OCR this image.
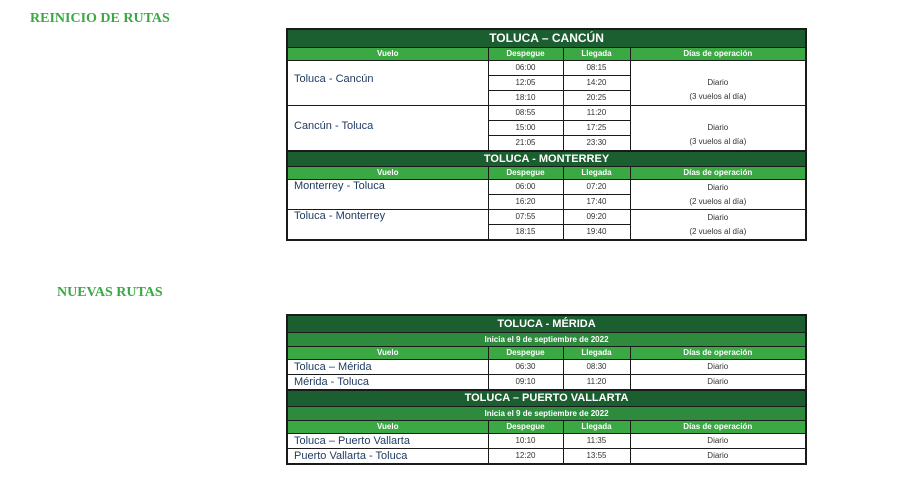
REINICIO DE RUTAS
TOLUCA – CANCÚN			
Vuelo	Despegue	Llegada	Días de operación
Toluca - Cancún	06:00	08:15	Diario
(3 vuelos al día)

	12:05	14:20	
	18:10	20:25	
Cancún - Toluca	08:55	11:20	Diario
(3 vuelos al día)

	15:00	17:25	
	21:05	23:30	
TOLUCA - MONTERREY			
Vuelo	Despegue	Llegada	Días de operación
Monterrey - Toluca	06:00	07:20	Diario
(2 vuelos al día)

	16:20	17:40	
Toluca - Monterrey	07:55	09:20	Diario
(2 vuelos al día)

	18:15	19:40	
NUEVAS RUTAS
TOLUCA - MÉRIDA			
Inicia el 9 de septiembre de 2022			
Vuelo	Despegue	Llegada	Días de operación
Toluca – Mérida	06:30	08:30	Diario
Mérida - Toluca	09:10	11:20	Diario
TOLUCA – PUERTO VALLARTA			
Inicia el 9 de septiembre de 2022			
Vuelo	Despegue	Llegada	Días de operación
Toluca – Puerto Vallarta	10:10	11:35	Diario
Puerto Vallarta - Toluca	12:20	13:55	Diario
